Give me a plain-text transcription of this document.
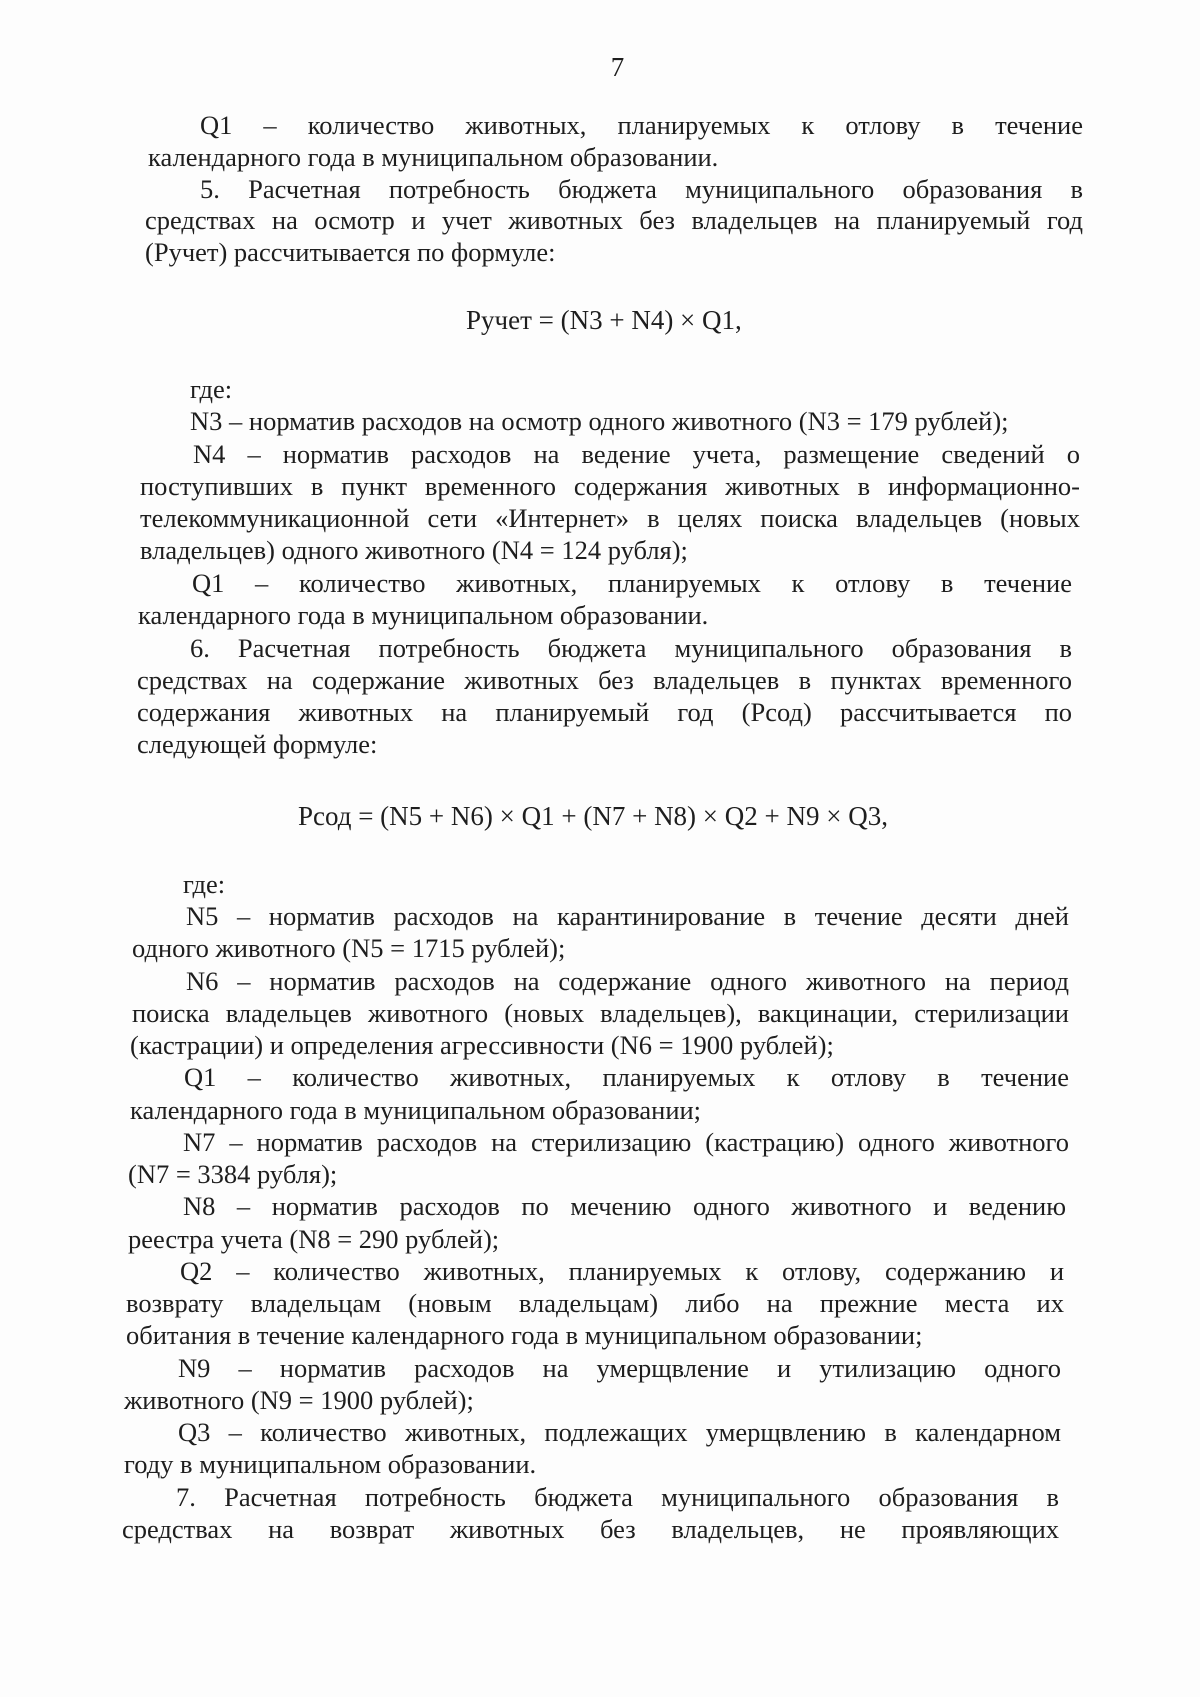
7
Q1 – количество животных, планируемых к отлову в течение
календарного года в муниципальном образовании.
5. Расчетная потребность бюджета муниципального образования в
средствах на осмотр и учет животных без владельцев на планируемый год
(Pучет) рассчитывается по формуле:
Pучет = (N3 + N4) × Q1,
где:
N3 – норматив расходов на осмотр одного животного (N3 = 179 рублей);
N4 – норматив расходов на ведение учета, размещение сведений о
поступивших в пункт временного содержания животных в информационно-
телекоммуникационной сети «Интернет» в целях поиска владельцев (новых
владельцев) одного животного (N4 = 124 рубля);
Q1 – количество животных, планируемых к отлову в течение
календарного года в муниципальном образовании.
6. Расчетная потребность бюджета муниципального образования в
средствах на содержание животных без владельцев в пунктах временного
содержания животных на планируемый год (Pсод) рассчитывается по
следующей формуле:
Pсод = (N5 + N6) × Q1 + (N7 + N8) × Q2 + N9 × Q3,
где:
N5 – норматив расходов на карантинирование в течение десяти дней
одного животного (N5 = 1715 рублей);
N6 – норматив расходов на содержание одного животного на период
поиска владельцев животного (новых владельцев), вакцинации, стерилизации
(кастрации) и определения агрессивности (N6 = 1900 рублей);
Q1 – количество животных, планируемых к отлову в течение
календарного года в муниципальном образовании;
N7 – норматив расходов на стерилизацию (кастрацию) одного животного
(N7 = 3384 рубля);
N8 – норматив расходов по мечению одного животного и ведению
реестра учета (N8 = 290 рублей);
Q2 – количество животных, планируемых к отлову, содержанию и
возврату владельцам (новым владельцам) либо на прежние места их
обитания в течение календарного года в муниципальном образовании;
N9 – норматив расходов на умерщвление и утилизацию одного
животного (N9 = 1900 рублей);
Q3 – количество животных, подлежащих умерщвлению в календарном
году в муниципальном образовании.
7. Расчетная потребность бюджета муниципального образования в
средствах на возврат животных без владельцев, не проявляющих
